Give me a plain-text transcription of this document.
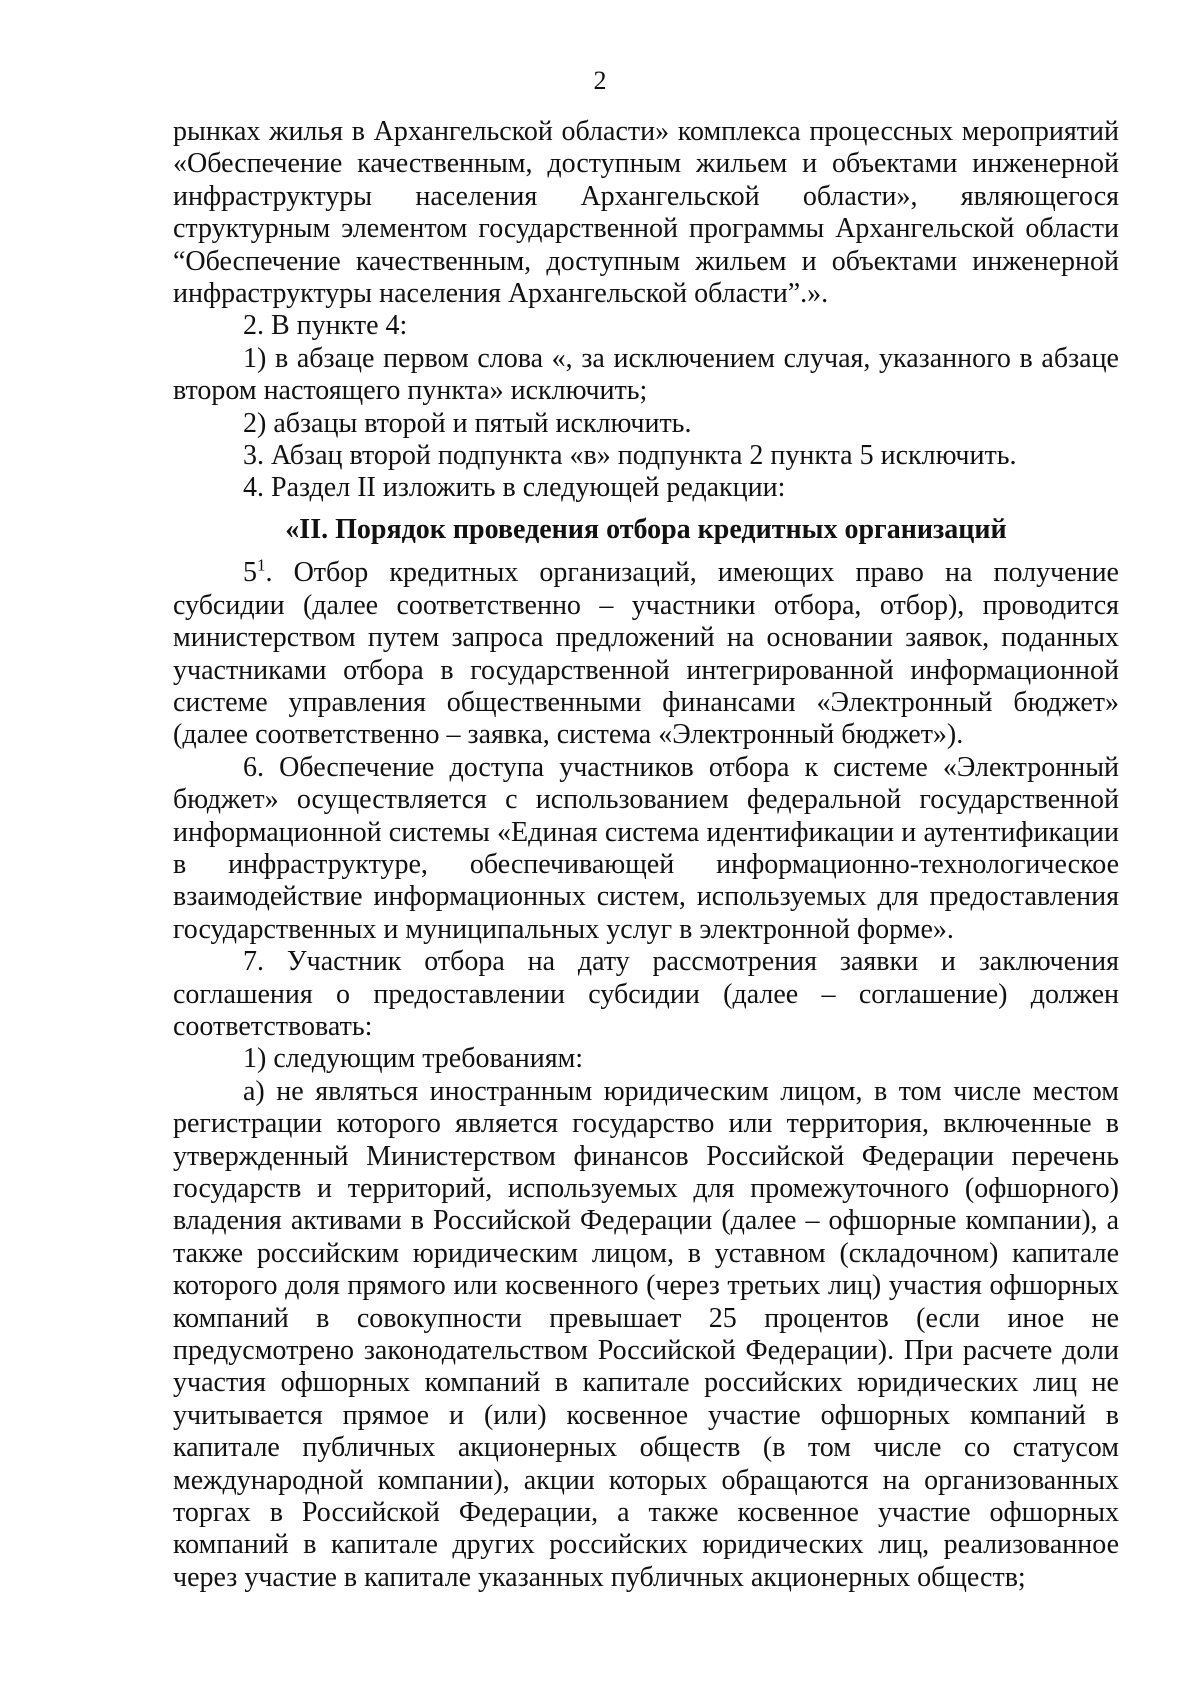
2

рынках жилья в Архангельской области» комплекса процессных мероприятий «Обеспечение качественным, доступным жильем и объектами инженерной инфраструктуры населения Архангельской области», являющегося структурным элементом государственной программы Архангельской области “Обеспечение качественным, доступным жильем и объектами инженерной инфраструктуры населения Архангельской области”.».

2. В пункте 4:

1) в абзаце первом слова «, за исключением случая, указанного в абзаце втором настоящего пункта» исключить;

2) абзацы второй и пятый исключить.

3. Абзац второй подпункта «в» подпункта 2 пункта 5 исключить.

4. Раздел II изложить в следующей редакции:

«II. Порядок проведения отбора кредитных организаций

$5^1$. Отбор кредитных организаций, имеющих право на получение субсидии (далее соответственно – участники отбора, отбор), проводится министерством путем запроса предложений на основании заявок, поданных участниками отбора в государственной интегрированной информационной системе управления общественными финансами «Электронный бюджет» (далее соответственно – заявка, система «Электронный бюджет»).

6. Обеспечение доступа участников отбора к системе «Электронный бюджет» осуществляется с использованием федеральной государственной информационной системы «Единая система идентификации и аутентификации в инфраструктуре, обеспечивающей информационно-технологическое взаимодействие информационных систем, используемых для предоставления государственных и муниципальных услуг в электронной форме».

7. Участник отбора на дату рассмотрения заявки и заключения соглашения о предоставлении субсидии (далее – соглашение) должен соответствовать:

1) следующим требованиям:

а) не являться иностранным юридическим лицом, в том числе местом регистрации которого является государство или территория, включенные в утвержденный Министерством финансов Российской Федерации перечень государств и территорий, используемых для промежуточного (офшорного) владения активами в Российской Федерации (далее – офшорные компании), а также российским юридическим лицом, в уставном (складочном) капитале которого доля прямого или косвенного (через третьих лиц) участия офшорных компаний в совокупности превышает 25 процентов (если иное не предусмотрено законодательством Российской Федерации). При расчете доли участия офшорных компаний в капитале российских юридических лиц не учитывается прямое и (или) косвенное участие офшорных компаний в капитале публичных акционерных обществ (в том числе со статусом международной компании), акции которых обращаются на организованных торгах в Российской Федерации, а также косвенное участие офшорных компаний в капитале других российских юридических лиц, реализованное через участие в капитале указанных публичных акционерных обществ;
